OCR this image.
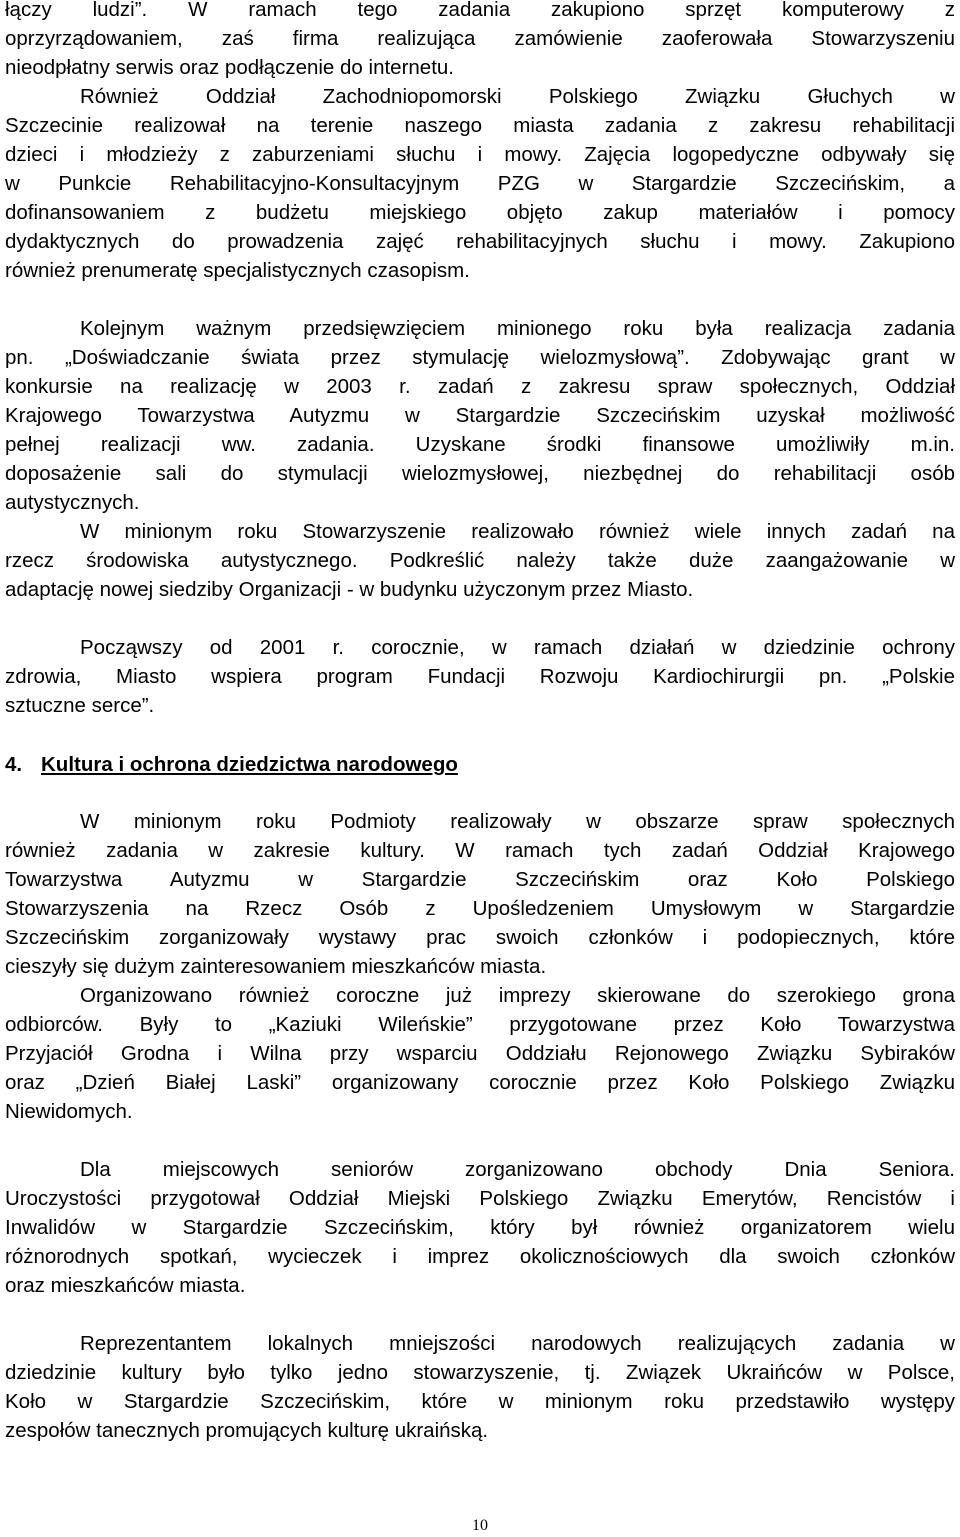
łączy ludzi”. W ramach tego zadania zakupiono sprzęt komputerowy z
oprzyrządowaniem, zaś firma realizująca zamówienie zaoferowała Stowarzyszeniu
nieodpłatny serwis oraz podłączenie do internetu.
Również Oddział Zachodniopomorski Polskiego Związku Głuchych w
Szczecinie realizował na terenie naszego miasta zadania z zakresu rehabilitacji
dzieci i młodzieży z zaburzeniami słuchu i mowy. Zajęcia logopedyczne odbywały się
w Punkcie Rehabilitacyjno-Konsultacyjnym PZG w Stargardzie Szczecińskim, a
dofinansowaniem z budżetu miejskiego objęto zakup materiałów i pomocy
dydaktycznych do prowadzenia zajęć rehabilitacyjnych słuchu i mowy. Zakupiono
również prenumeratę specjalistycznych czasopism.
Kolejnym ważnym przedsięwzięciem minionego roku była realizacja zadania
pn. „Doświadczanie świata przez stymulację wielozmysłową”. Zdobywając grant w
konkursie na realizację w 2003 r. zadań z zakresu spraw społecznych, Oddział
Krajowego Towarzystwa Autyzmu w Stargardzie Szczecińskim uzyskał możliwość
pełnej realizacji ww. zadania. Uzyskane środki finansowe umożliwiły m.in.
doposażenie sali do stymulacji wielozmysłowej, niezbędnej do rehabilitacji osób
autystycznych.
W minionym roku Stowarzyszenie realizowało również wiele innych zadań na
rzecz środowiska autystycznego. Podkreślić należy także duże zaangażowanie w
adaptację nowej siedziby Organizacji - w budynku użyczonym przez Miasto.
Począwszy od 2001 r. corocznie, w ramach działań w dziedzinie ochrony
zdrowia, Miasto wspiera program Fundacji Rozwoju Kardiochirurgii pn. „Polskie
sztuczne serce”.
4. Kultura i ochrona dziedzictwa narodowego
W minionym roku Podmioty realizowały w obszarze spraw społecznych
również zadania w zakresie kultury. W ramach tych zadań Oddział Krajowego
Towarzystwa Autyzmu w Stargardzie Szczecińskim oraz Koło Polskiego
Stowarzyszenia na Rzecz Osób z Upośledzeniem Umysłowym w Stargardzie
Szczecińskim zorganizowały wystawy prac swoich członków i podopiecznych, które
cieszyły się dużym zainteresowaniem mieszkańców miasta.
Organizowano również coroczne już imprezy skierowane do szerokiego grona
odbiorców. Były to „Kaziuki Wileńskie” przygotowane przez Koło Towarzystwa
Przyjaciół Grodna i Wilna przy wsparciu Oddziału Rejonowego Związku Sybiraków
oraz „Dzień Białej Laski” organizowany corocznie przez Koło Polskiego Związku
Niewidomych.
Dla miejscowych seniorów zorganizowano obchody Dnia Seniora.
Uroczystości przygotował Oddział Miejski Polskiego Związku Emerytów, Rencistów i
Inwalidów w Stargardzie Szczecińskim, który był również organizatorem wielu
różnorodnych spotkań, wycieczek i imprez okolicznościowych dla swoich członków
oraz mieszkańców miasta.
Reprezentantem lokalnych mniejszości narodowych realizujących zadania w
dziedzinie kultury było tylko jedno stowarzyszenie, tj. Związek Ukraińców w Polsce,
Koło w Stargardzie Szczecińskim, które w minionym roku przedstawiło występy
zespołów tanecznych promujących kulturę ukraińską.
10
